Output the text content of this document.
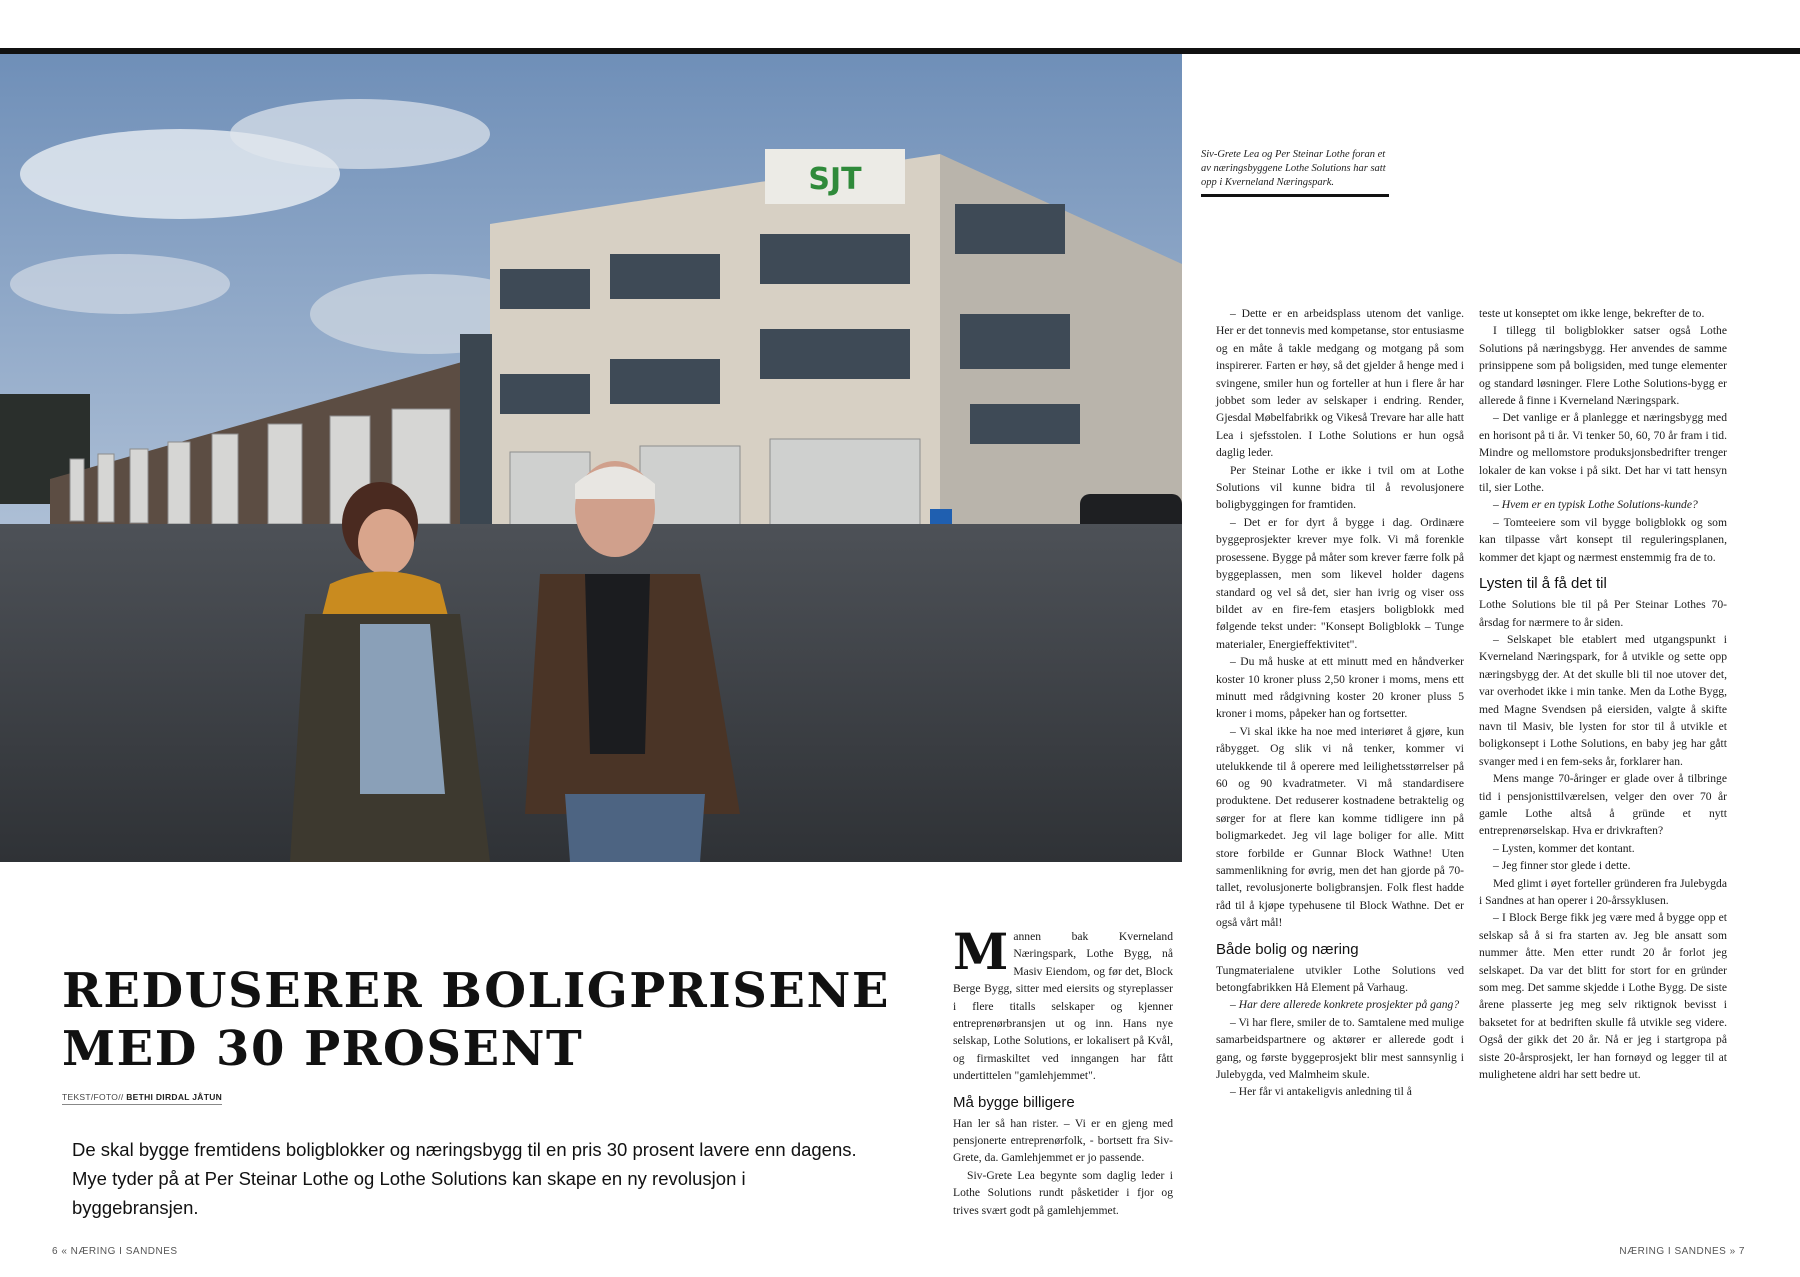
SJT
Siv-Grete Lea og Per Steinar Lothe foran et av næringsbyggene Lothe Solutions har satt opp i Kverneland Næringspark.
REDUSERER BOLIGPRISENE
MED 30 PROSENT
TEKST/FOTO// BETHI DIRDAL JÅTUN
De skal bygge fremtidens boligblokker og næringsbygg til en pris 30 prosent lavere enn dagens. Mye tyder på at Per Steinar Lothe og Lothe Solutions kan skape en ny revolusjon i byggebransjen.

Mannen bak Kverneland Næringspark, Lothe Bygg, nå Masiv Eiendom, og før det, Block Berge Bygg, sitter med eiersits og styreplasser i flere titalls selskaper og kjenner entreprenørbransjen ut og inn. Hans nye selskap, Lothe Solutions, er lokalisert på Kvål, og firmaskiltet ved inngangen har fått undertittelen "gamlehjemmet".

Må bygge billigere

Han ler så han rister. – Vi er en gjeng med pensjonerte entreprenørfolk, - bortsett fra Siv-Grete, da. Gamlehjemmet er jo passende.

Siv-Grete Lea begynte som daglig leder i Lothe Solutions rundt påsketider i fjor og trives svært godt på gamlehjemmet.

– Dette er en arbeidsplass utenom det vanlige. Her er det tonnevis med kompetanse, stor entusiasme og en måte å takle medgang og motgang på som inspirerer. Farten er høy, så det gjelder å henge med i svingene, smiler hun og forteller at hun i flere år har jobbet som leder av selskaper i endring. Render, Gjesdal Møbelfabrikk og Vikeså Trevare har alle hatt Lea i sjefsstolen. I Lothe Solutions er hun også daglig leder.

Per Steinar Lothe er ikke i tvil om at Lothe Solutions vil kunne bidra til å revolusjonere boligbyggingen for framtiden.

– Det er for dyrt å bygge i dag. Ordinære byggeprosjekter krever mye folk. Vi må forenkle prosessene. Bygge på måter som krever færre folk på byggeplassen, men som likevel holder dagens standard og vel så det, sier han ivrig og viser oss bildet av en fire-fem etasjers boligblokk med følgende tekst under: "Konsept Boligblokk – Tunge materialer, Energieffektivitet".

– Du må huske at ett minutt med en håndverker koster 10 kroner pluss 2,50 kroner i moms, mens ett minutt med rådgivning koster 20 kroner pluss 5 kroner i moms, påpeker han og fortsetter.

– Vi skal ikke ha noe med interiøret å gjøre, kun råbygget. Og slik vi nå tenker, kommer vi utelukkende til å operere med leilighetsstørrelser på 60 og 90 kvadratmeter. Vi må standardisere produktene. Det reduserer kostnadene betraktelig og sørger for at flere kan komme tidligere inn på boligmarkedet. Jeg vil lage boliger for alle. Mitt store forbilde er Gunnar Block Wathne! Uten sammenlikning for øvrig, men det han gjorde på 70-tallet, revolusjonerte boligbransjen. Folk flest hadde råd til å kjøpe typehusene til Block Wathne. Det er også vårt mål!

Både bolig og næring

Tungmaterialene utvikler Lothe Solutions ved betongfabrikken Hå Element på Varhaug.

– Har dere allerede konkrete prosjekter på gang?

– Vi har flere, smiler de to. Samtalene med mulige samarbeidspartnere og aktører er allerede godt i gang, og første byggeprosjekt blir mest sannsynlig i Julebygda, ved Malmheim skule.

– Her får vi antakeligvis anledning til å

teste ut konseptet om ikke lenge, bekrefter de to.

I tillegg til boligblokker satser også Lothe Solutions på næringsbygg. Her anvendes de samme prinsippene som på boligsiden, med tunge elementer og standard løsninger. Flere Lothe Solutions-bygg er allerede å finne i Kverneland Næringspark.

– Det vanlige er å planlegge et næringsbygg med en horisont på ti år. Vi tenker 50, 60, 70 år fram i tid. Mindre og mellomstore produksjonsbedrifter trenger lokaler de kan vokse i på sikt. Det har vi tatt hensyn til, sier Lothe.

– Hvem er en typisk Lothe Solutions-kunde?

– Tomteeiere som vil bygge boligblokk og som kan tilpasse vårt konsept til reguleringsplanen, kommer det kjapt og nærmest enstemmig fra de to.

Lysten til å få det til

Lothe Solutions ble til på Per Steinar Lothes 70-årsdag for nærmere to år siden.

– Selskapet ble etablert med utgangspunkt i Kverneland Næringspark, for å utvikle og sette opp næringsbygg der. At det skulle bli til noe utover det, var overhodet ikke i min tanke. Men da Lothe Bygg, med Magne Svendsen på eiersiden, valgte å skifte navn til Masiv, ble lysten for stor til å utvikle et boligkonsept i Lothe Solutions, en baby jeg har gått svanger med i en fem-seks år, forklarer han.

Mens mange 70-åringer er glade over å tilbringe tid i pensjonisttilværelsen, velger den over 70 år gamle Lothe altså å gründe et nytt entreprenørselskap. Hva er drivkraften?

– Lysten, kommer det kontant.

– Jeg finner stor glede i dette.

Med glimt i øyet forteller gründeren fra Julebygda i Sandnes at han operer i 20-årssyklusen.

– I Block Berge fikk jeg være med å bygge opp et selskap så å si fra starten av. Jeg ble ansatt som nummer åtte. Men etter rundt 20 år forlot jeg selskapet. Da var det blitt for stort for en gründer som meg. Det samme skjedde i Lothe Bygg. De siste årene plasserte jeg meg selv riktignok bevisst i baksetet for at bedriften skulle få utvikle seg videre. Også der gikk det 20 år. Nå er jeg i startgropa på siste 20-årsprosjekt, ler han fornøyd og legger til at mulighetene aldri har sett bedre ut.

6 « NÆRING I SANDNES	NÆRING I SANDNES » 7
